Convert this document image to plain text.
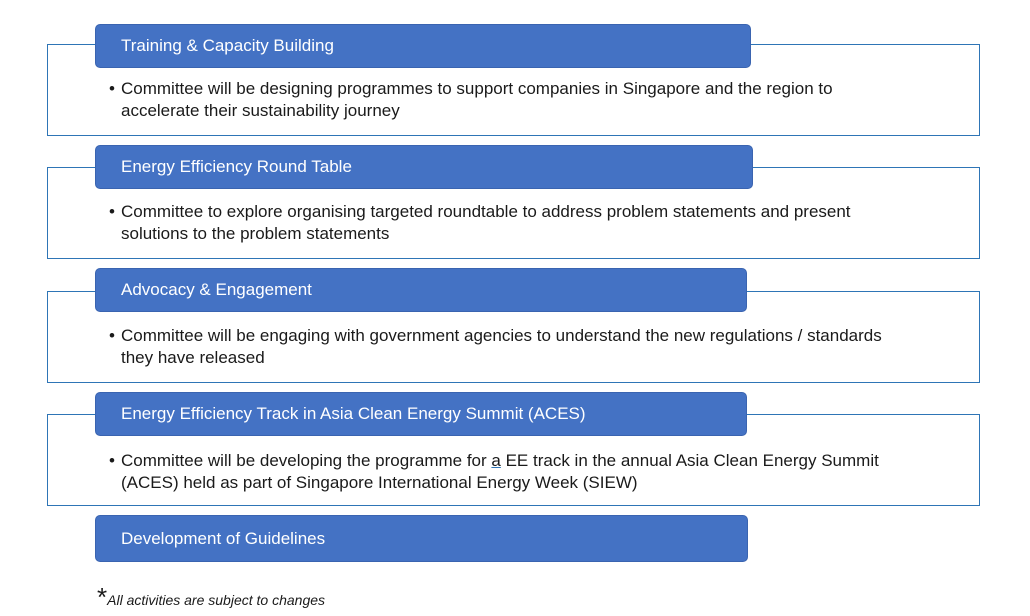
• Committee will be designing programmes to support companies in Singapore and the region to accelerate their sustainability journey
Training & Capacity Building
• Committee to explore organising targeted roundtable to address problem statements and present solutions to the problem statements
Energy Efficiency Round Table
• Committee will be engaging with government agencies to understand the new regulations / standards they have released
Advocacy & Engagement
• Committee will be developing the programme for a EE track in the annual Asia Clean Energy Summit (ACES) held as part of Singapore International Energy Week (SIEW)
Energy Efficiency Track in Asia Clean Energy Summit (ACES)
Development of Guidelines
*All activities are subject to changes
